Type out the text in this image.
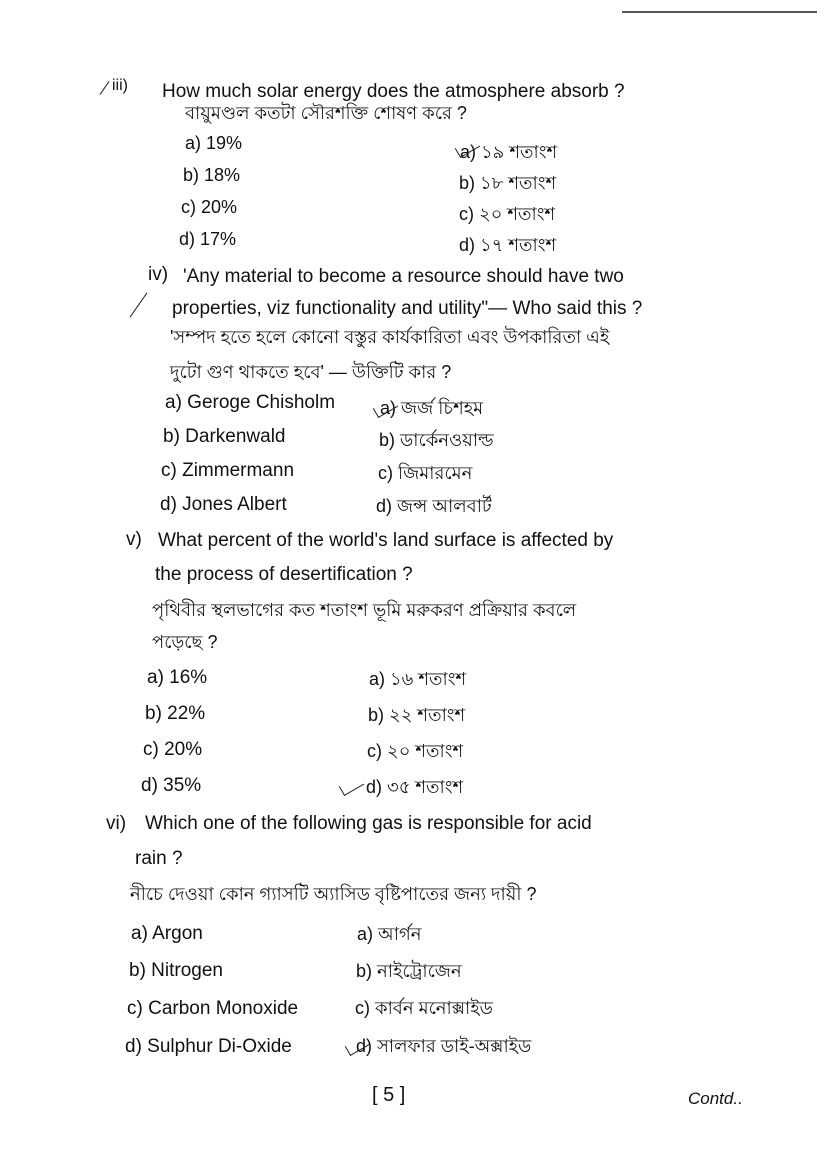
iii) How much solar energy does the atmosphere absorb ?
বায়ুমণ্ডল কতটা সৌরশক্তি শোষণ করে ?
a) 19%
b) 18%
c) 20%
d) 17%
a) ১৯ শতাংশ
b) ১৮ শতাংশ
c) ২০ শতাংশ
d) ১৭ শতাংশ
iv) 'Any material to become a resource should have two
properties, viz functionality and utility"— Who said this ?
'সম্পদ হতে হলে কোনো বস্তুর কার্যকারিতা এবং উপকারিতা এই
দুটো গুণ থাকতে হবে' — উক্তিটি কার ?
a) Geroge Chisholm
b) Darkenwald
c) Zimmermann
d) Jones Albert
a) জর্জ চিশহম
b) ডার্কেনওয়াল্ড
c) জিমারমেন
d) জন্স আলবার্ট
v) What percent of the world's land surface is affected by
the process of desertification ?
পৃথিবীর স্থলভাগের কত শতাংশ ভূমি মরুকরণ প্রক্রিয়ার কবলে
পড়েছে ?
a) 16%
b) 22%
c) 20%
d) 35%
a) ১৬ শতাংশ
b) ২২ শতাংশ
c) ২০ শতাংশ
d) ৩৫ শতাংশ
vi) Which one of the following gas is responsible for acid
rain ?
নীচে দেওয়া কোন গ্যাসটি অ্যাসিড বৃষ্টিপাতের জন্য দায়ী ?
a) Argon
b) Nitrogen
c) Carbon Monoxide
d) Sulphur Di-Oxide
a) আর্গন
b) নাইট্রোজেন
c) কার্বন মনোক্সাইড
d) সালফার ডাই-অক্সাইড
[ 5 ]	Contd..
